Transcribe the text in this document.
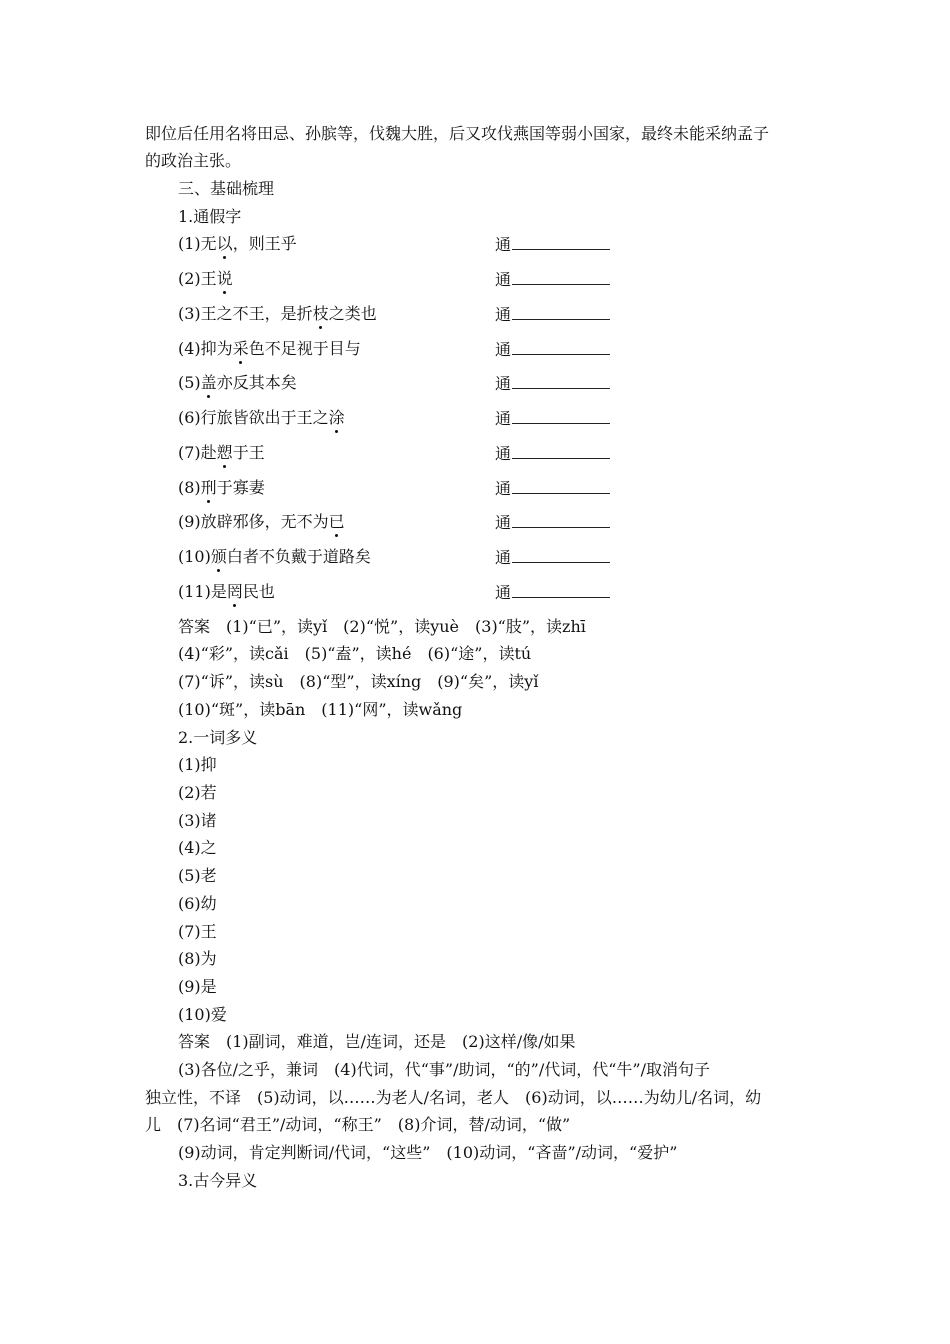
即位后任用名将田忌、孙膑等，伐魏大胜，后又攻伐燕国等弱小国家，最终未能采纳孟子
的政治主张。
三、基础梳理
1.通假字
(1)无以，则王乎	通
(2)王说	通
(3)王之不王，是折枝之类也	通
(4)抑为采色不足视于目与	通
(5)盖亦反其本矣	通
(6)行旅皆欲出于王之涂	通
(7)赴愬于王	通
(8)刑于寡妻	通
(9)放辟邪侈，无不为已	通
(10)颁白者不负戴于道路矣	通
(11)是罔民也	通
答案　(1)“已”，读yǐ　(2)“悦”，读yuè　(3)“肢”，读zhī
(4)“彩”，读cǎi　(5)“盍”，读hé　(6)“途”，读tú
(7)“诉”，读sù　(8)“型”，读xíng　(9)“矣”，读yǐ
(10)“斑”，读bān　(11)“网”，读wǎng
2.一词多义
(1)抑
(2)若
(3)诸
(4)之
(5)老
(6)幼
(7)王
(8)为
(9)是
(10)爱
答案　(1)副词，难道，岂/连词，还是　(2)这样/像/如果
(3)各位/之乎，兼词　(4)代词，代“事”/助词，“的”/代词，代“牛”/取消句子
独立性，不译　(5)动词，以……为老人/名词，老人　(6)动词，以……为幼儿/名词，幼
儿　(7)名词“君王”/动词，“称王”　(8)介词，替/动词，“做”
(9)动词，肯定判断词/代词，“这些”　(10)动词，“吝啬”/动词，“爱护”
3.古今异义
